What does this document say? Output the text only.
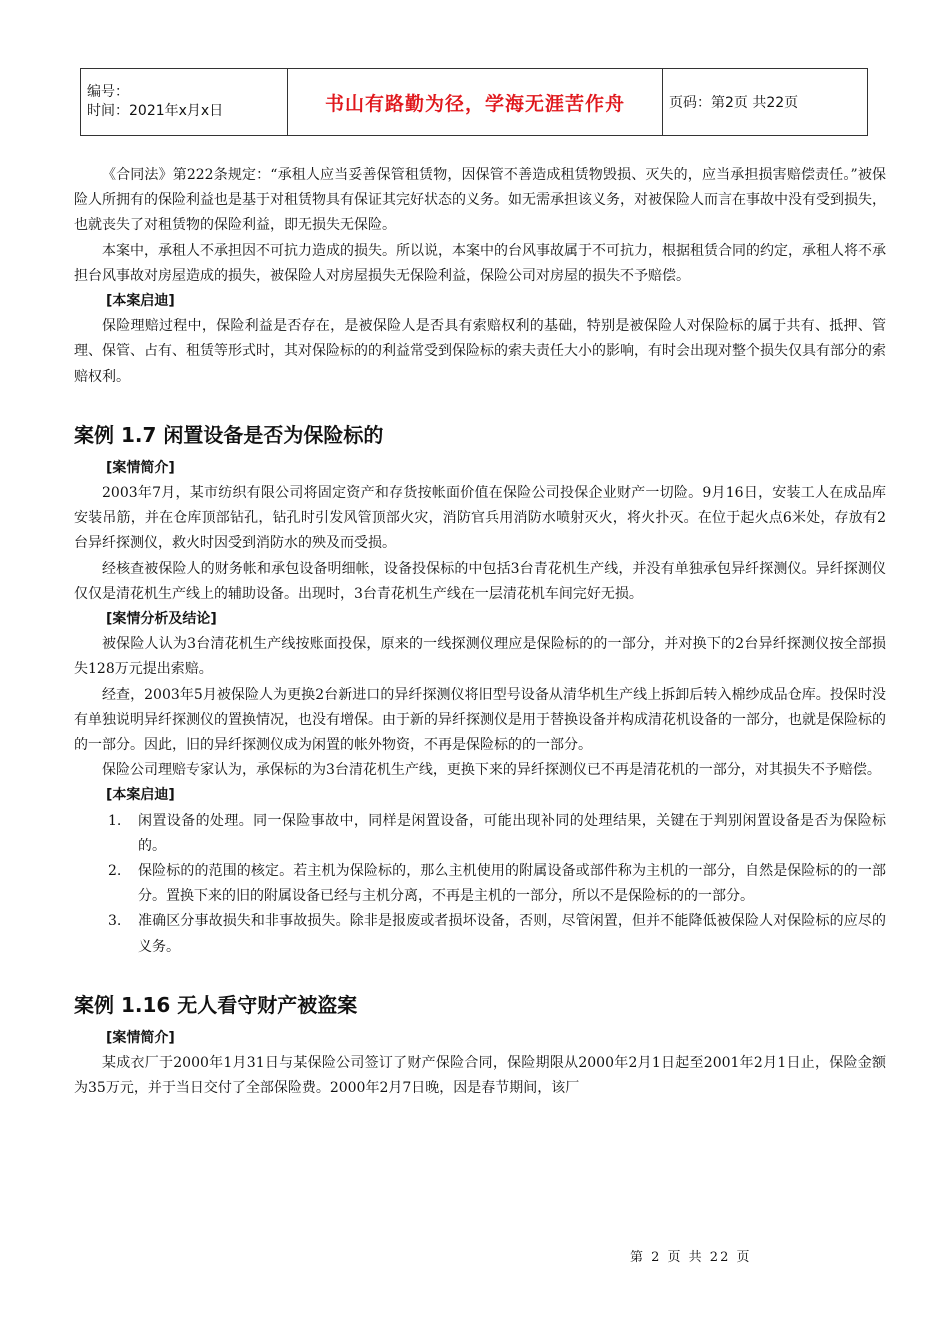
编号：
时间：2021年x月x日	书山有路勤为径，学海无涯苦作舟	页码：第2页 共22页

《合同法》第222条规定：“承租人应当妥善保管租赁物，因保管不善造成租赁物毁损、灭失的，应当承担损害赔偿责任。”被保险人所拥有的保险利益也是基于对租赁物具有保证其完好状态的义务。如无需承担该义务，对被保险人而言在事故中没有受到损失，也就丧失了对租赁物的保险利益，即无损失无保险。

本案中，承租人不承担因不可抗力造成的损失。所以说，本案中的台风事故属于不可抗力，根据租赁合同的约定，承租人将不承担台风事故对房屋造成的损失，被保险人对房屋损失无保险利益，保险公司对房屋的损失不予赔偿。

[本案启迪]

保险理赔过程中，保险利益是否存在，是被保险人是否具有索赔权利的基础，特别是被保险人对保险标的属于共有、抵押、管理、保管、占有、租赁等形式时，其对保险标的的利益常受到保险标的索夫责任大小的影响，有时会出现对整个损失仅具有部分的索赔权利。

案例 1.7 闲置设备是否为保险标的
[案情简介]

2003年7月，某市纺织有限公司将固定资产和存货按帐面价值在保险公司投保企业财产一切险。9月16日，安装工人在成品库安装吊筋，并在仓库顶部钻孔，钻孔时引发风管顶部火灾，消防官兵用消防水喷射灭火，将火扑灭。在位于起火点6米处，存放有2台异纤探测仪，救火时因受到消防水的殃及而受损。

经核查被保险人的财务帐和承包设备明细帐，设备投保标的中包括3台青花机生产线，并没有单独承包异纤探测仪。异纤探测仪仅仅是清花机生产线上的辅助设备。出现时，3台青花机生产线在一层清花机车间完好无损。

[案情分析及结论]

被保险人认为3台清花机生产线按账面投保，原来的一线探测仪理应是保险标的的一部分，并对换下的2台异纤探测仪按全部损失128万元提出索赔。

经查，2003年5月被保险人为更换2台新进口的异纤探测仪将旧型号设备从清华机生产线上拆卸后转入棉纱成品仓库。投保时没有单独说明异纤探测仪的置换情况，也没有增保。由于新的异纤探测仪是用于替换设备并构成清花机设备的一部分，也就是保险标的的一部分。因此，旧的异纤探测仪成为闲置的帐外物资，不再是保险标的的一部分。

保险公司理赔专家认为，承保标的为3台清花机生产线，更换下来的异纤探测仪已不再是清花机的一部分，对其损失不予赔偿。

[本案启迪]
1. 闲置设备的处理。同一保险事故中，同样是闲置设备，可能出现补同的处理结果，关键在于判别闲置设备是否为保险标的。
2. 保险标的的范围的核定。若主机为保险标的，那么主机使用的附属设备或部件称为主机的一部分，自然是保险标的的一部分。置换下来的旧的附属设备已经与主机分离，不再是主机的一部分，所以不是保险标的的一部分。
3. 准确区分事故损失和非事故损失。除非是报废或者损坏设备，否则，尽管闲置，但并不能降低被保险人对保险标的应尽的义务。
案例 1.16 无人看守财产被盗案
[案情简介]

某成衣厂于2000年1月31日与某保险公司签订了财产保险合同，保险期限从2000年2月1日起至2001年2月1日止，保险金额为35万元，并于当日交付了全部保险费。2000年2月7日晚，因是春节期间，该厂

第 2 页 共 22 页
